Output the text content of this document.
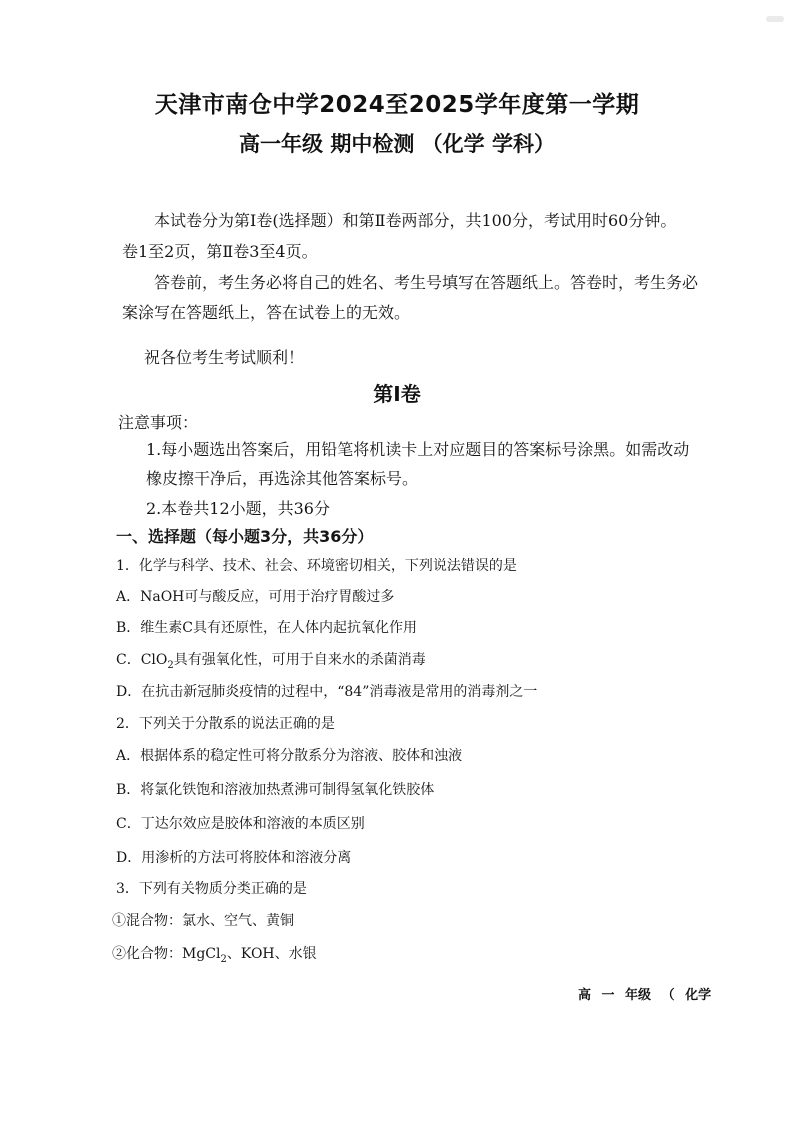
天津市南仓中学2024至2025学年度第一学期
高一年级 期中检测 （化学 学科）
本试卷分为第Ⅰ卷(选择题）和第Ⅱ卷两部分，共100分，考试用时60分钟。
卷1至2页，第Ⅱ卷3至4页。
答卷前，考生务必将自己的姓名、考生号填写在答题纸上。答卷时，考生务必
案涂写在答题纸上，答在试卷上的无效。
祝各位考生考试顺利！
第Ⅰ卷
注意事项：
1.每小题选出答案后，用铅笔将机读卡上对应题目的答案标号涂黑。如需改动
橡皮擦干净后，再选涂其他答案标号。
2.本卷共12小题，共36分
一、选择题（每小题3分，共36分）
1．化学与科学、技术、社会、环境密切相关，下列说法错误的是
A．NaOH可与酸反应，可用于治疗胃酸过多
B．维生素C具有还原性，在人体内起抗氧化作用
C．ClO$_2$具有强氧化性，可用于自来水的杀菌消毒
D．在抗击新冠肺炎疫情的过程中，“84”消毒液是常用的消毒剂之一
2．下列关于分散系的说法正确的是
A．根据体系的稳定性可将分散系分为溶液、胶体和浊液
B．将氯化铁饱和溶液加热煮沸可制得氢氧化铁胶体
C．丁达尔效应是胶体和溶液的本质区别
D．用渗析的方法可将胶体和溶液分离
3．下列有关物质分类正确的是
①混合物：氯水、空气、黄铜
②化合物：MgCl$_2$、KOH、水银
高 一 年级 （ 化学
